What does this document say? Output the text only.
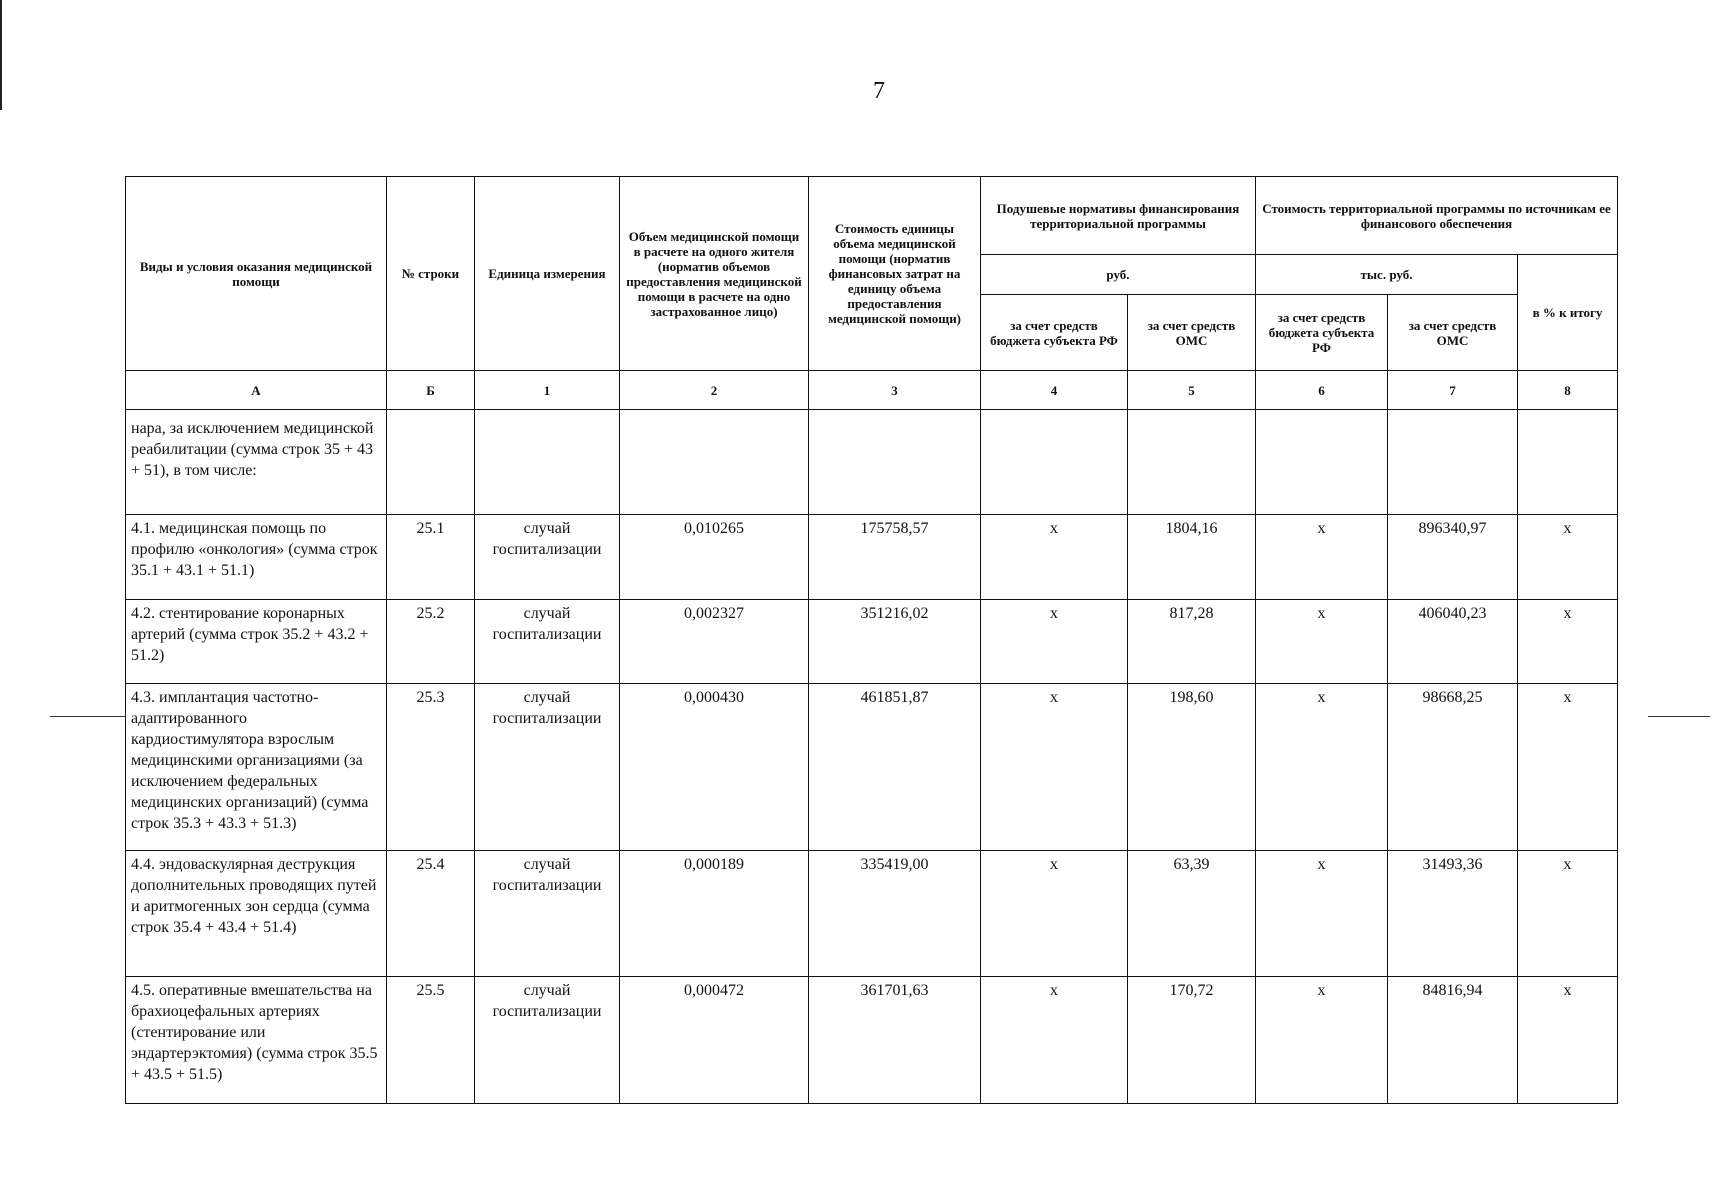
7
Виды и условия оказания медицинской помощи	№ строки	Единица измерения	Объем медицинской помощи в расчете на одного жителя (норматив объемов предоставления медицинской помощи в расчете на одно застрахованное лицо)	Стоимость единицы объема медицинской помощи (норматив финансовых затрат на единицу объема предоставления медицинской помощи)	Подушевые нормативы финансирования территориальной программы		Стоимость территориальной программы по источникам ее финансового обеспечения		
					руб.		тыс. руб.		в % к итогу
					за счет средств бюджета субъекта РФ	за счет средств ОМС	за счет средств бюджета субъекта РФ	за счет средств ОМС	
А	Б	1	2	3	4	5	6	7	8
нара, за исключением медицинской реабилитации (сумма строк 35 + 43 + 51), в том числе:									
4.1. медицинская помощь по профилю «онкология» (сумма строк 35.1 + 43.1 + 51.1)	25.1	случай госпитализации	0,010265	175758,57	х	1804,16	х	896340,97	х
4.2. стентирование коронарных артерий (сумма строк 35.2 + 43.2 + 51.2)	25.2	случай госпитализации	0,002327	351216,02	х	817,28	х	406040,23	х
4.3. имплантация частотно-адаптированного кардиостимулятора взрослым медицинскими организациями (за исключением федеральных медицинских организаций) (сумма строк 35.3 + 43.3 + 51.3)	25.3	случай госпитализации	0,000430	461851,87	х	198,60	х	98668,25	х
4.4. эндоваскулярная деструкция дополнительных проводящих путей и аритмогенных зон сердца (сумма строк 35.4 + 43.4 + 51.4)	25.4	случай госпитализации	0,000189	335419,00	х	63,39	х	31493,36	х
4.5. оперативные вмешательства на брахиоцефальных артериях (стентирование или эндартерэктомия) (сумма строк 35.5 + 43.5 + 51.5)	25.5	случай госпитализации	0,000472	361701,63	х	170,72	х	84816,94	х
